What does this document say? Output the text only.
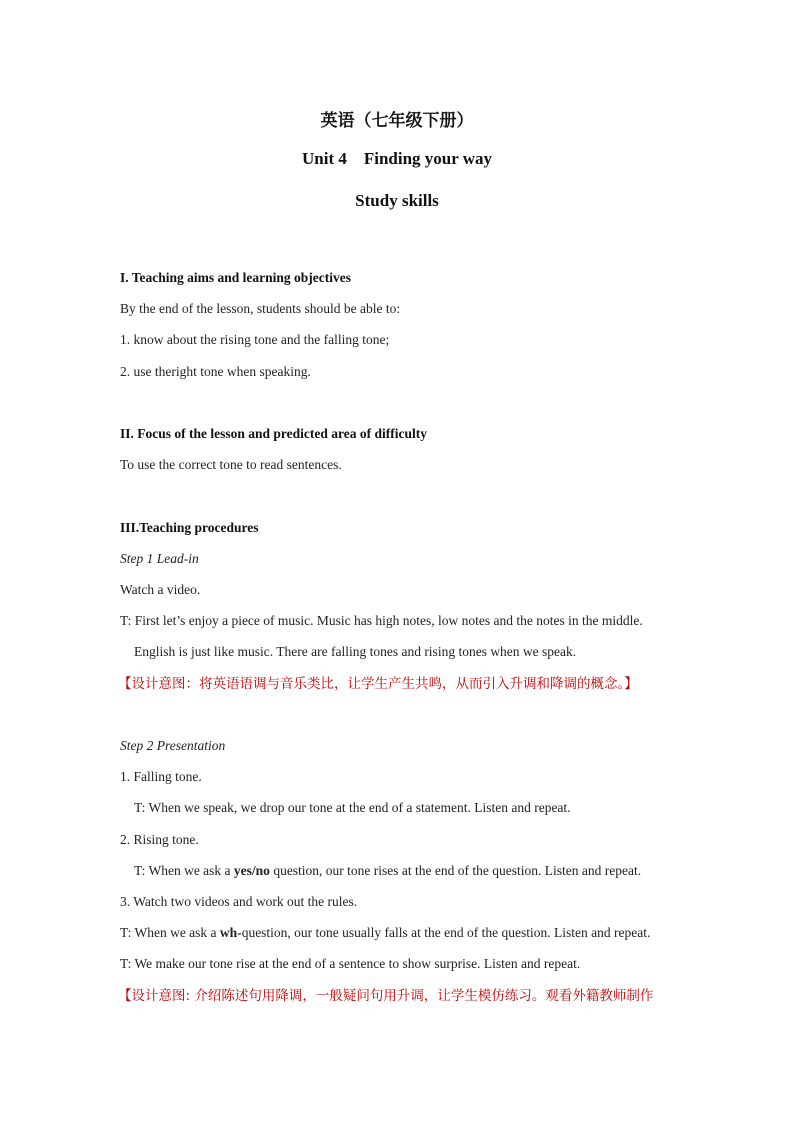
英语（七年级下册）
Unit 4    Finding your way
Study skills
I. Teaching aims and learning objectives
By the end of the lesson, students should be able to:
1. know about the rising tone and the falling tone;
2. use theright tone when speaking.
II. Focus of the lesson and predicted area of difficulty
To use the correct tone to read sentences.
III.Teaching procedures
Step 1 Lead-in
Watch a video.
T: First let’s enjoy a piece of music. Music has high notes, low notes and the notes in the middle.
English is just like music. There are falling tones and rising tones when we speak.
【设计意图：将英语语调与音乐类比，让学生产生共鸣，从而引入升调和降调的概念。】
Step 2 Presentation
1. Falling tone.
T: When we speak, we drop our tone at the end of a statement. Listen and repeat.
2. Rising tone.
T: When we ask a yes/no question, our tone rises at the end of the question. Listen and repeat.
3. Watch two videos and work out the rules.
T: When we ask a wh-question, our tone usually falls at the end of the question. Listen and repeat.
T: We make our tone rise at the end of a sentence to show surprise. Listen and repeat.
【设计意图: 介绍陈述句用降调，一般疑问句用升调，让学生模仿练习。观看外籍教师制作
